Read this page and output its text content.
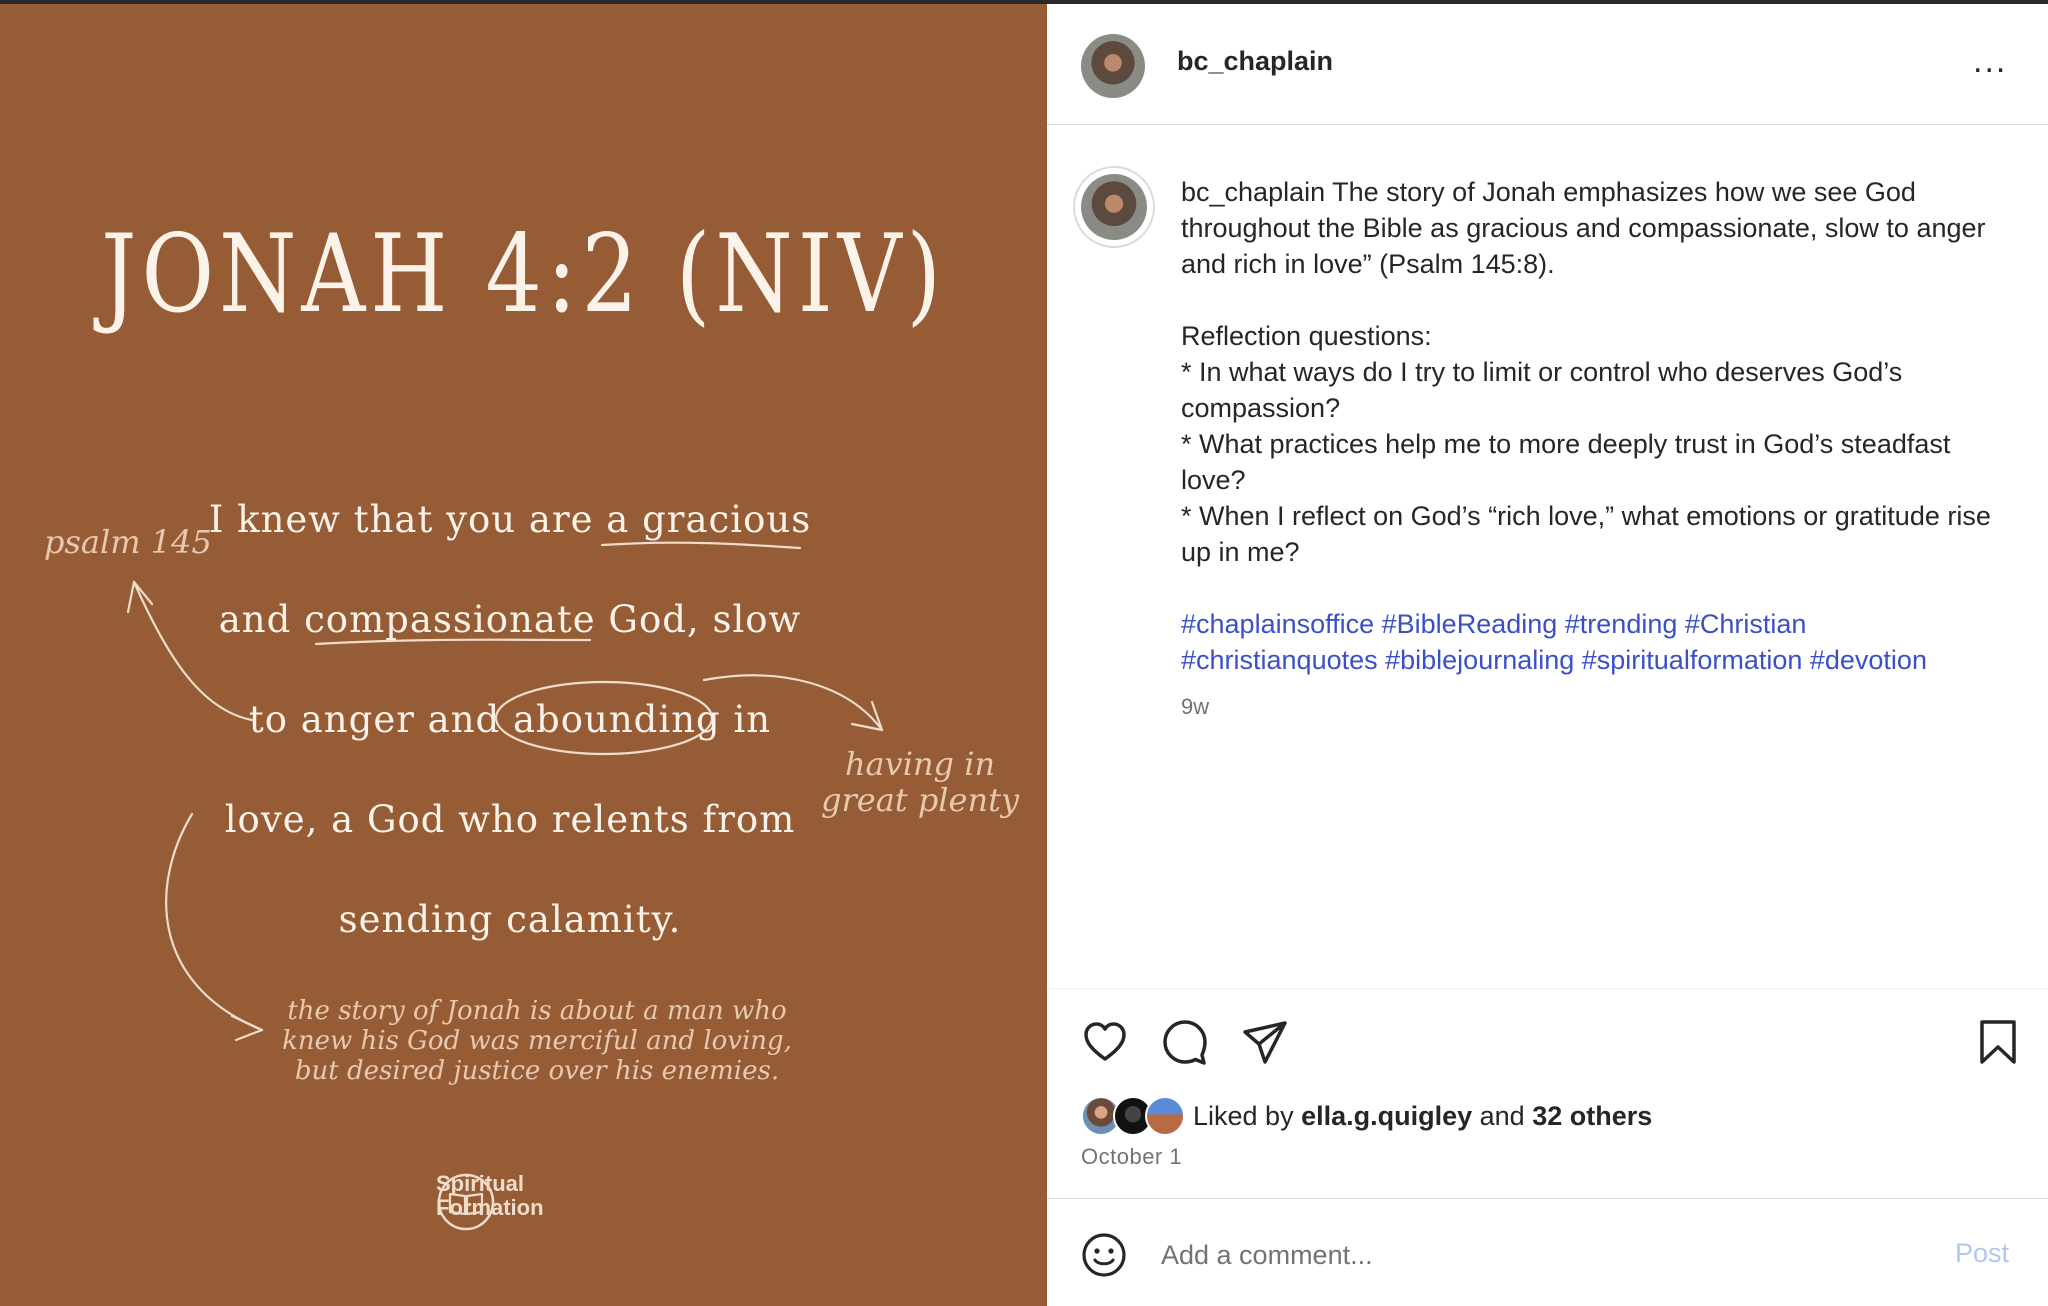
JONAH 4:2 (NIV)
I knew that you are a gracious
and compassionate God, slow
to anger and abounding in
love, a God who relents from
sending calamity.
psalm 145
having in
great plenty
the story of Jonah is about a man who
knew his God was merciful and loving,
but desired justice over his enemies.
Spiritual
Formation
bc_chaplain	...

bc_chaplain The story of Jonah emphasizes how we see God throughout the Bible as gracious and compassionate, slow to anger and rich in love” (Psalm 145:8).

Reflection questions:

* In what ways do I try to limit or control who deserves God’s compassion?

* What practices help me to more deeply trust in God’s steadfast love?

* When I reflect on God’s “rich love,” what emotions or gratitude rise up in me?

#chaplainsoffice #BibleReading #trending #Christian

#christianquotes #biblejournaling #spiritualformation #devotion

9w
Liked by ella.g.quigley and 32 others
October 1
Add a comment...
Post
